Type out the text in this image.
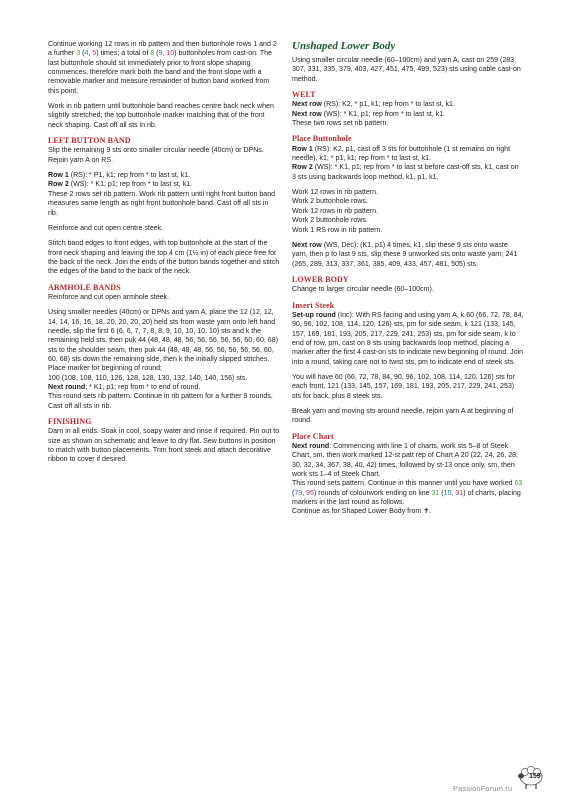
Continue working 12 rows in rib pattern and then buttonhole rows 1 and 2 a further 3 (4, 5) times; a total of 8 (9, 10) buttonholes from cast-on. The last buttonhole should sit immediately prior to front slope shaping commences, therefore mark both the band and the front slope with a removable marker and measure remainder of button band worked from this point.

Work in rib pattern until buttonhole band reaches centre back neck when slightly stretched; the top buttonhole marker matching that of the front neck shaping. Cast off all sts in rib.

LEFT BUTTON BAND

Slip the remaining 9 sts onto smaller circular needle (40cm) or DPNs. Rejoin yarn A on RS.

Row 1 (RS): * P1, k1; rep from * to last st, k1.
Row 2 (WS): * K1, p1; rep from * to last st, k1.
These 2 rows set rib pattern. Work rib pattern until right front button band measures same length as right front buttonhole band. Cast off all sts in rib.

Reinforce and cut open centre steek.

Stitch band edges to front edges, with top buttonhole at the start of the front neck shaping and leaving the top 4 cm (1½ in) of each piece free for the back of the neck. Join the ends of the button bands together and stitch the edges of the band to the back of the neck.

ARMHOLE BANDS

Reinforce and cut open armhole steek.

Using smaller needles (40cm) or DPNs and yarn A, place the 12 (12, 12, 14, 14, 16, 16, 18, 20, 20, 20, 20) held sts from waste yarn onto left hand needle, slip the first 6 (6, 6, 7, 7, 8, 8, 9, 10, 10, 10, 10) sts and k the remaining held sts, then puk 44 (48, 48, 48, 56, 56, 56, 56, 56, 60, 60, 68) sts to the shoulder seam, then puk 44 (48, 48, 48, 56, 56, 56, 56, 56, 60, 60, 68) sts down the remaining side, then k the initially slipped stitches. Place marker for beginning of round;
100 (108, 108, 110, 126, 128, 128, 130, 132, 140, 140, 156) sts.
Next round: * K1, p1; rep from * to end of round.
This round sets rib pattern. Continue in rib pattern for a further 9 rounds. Cast off all sts in rib.

FINISHING

Darn in all ends. Soak in cool, soapy water and rinse if required. Pin out to size as shown on schematic and leave to dry flat. Sew buttons in position to match with button placements. Trim front steek and attach decorative ribbon to cover if desired.

Unshaped Lower Body

Using smaller circular needle (60–100cm) and yarn A, cast on 259 (283, 307, 331, 335, 379, 403, 427, 451, 475, 499, 523) sts using cable cast-on method.

WELT

Next row (RS): K2, * p1, k1; rep from * to last st, k1.
Next row (WS): * K1, p1; rep from * to last st, k1.
These two rows set rib pattern.

Place Buttonhole

Row 1 (RS): K2, p1, cast off 3 sts for buttonhole (1 st remains on right needle), k1, * p1, k1; rep from * to last st, k1.
Row 2 (WS): * K1, p1; rep from * to last st before cast-off sts, k1, cast on 3 sts using backwards loop method, k1, p1, k1.

Work 12 rows in rib pattern.
Work 2 buttonhole rows.
Work 12 rows in rib pattern.
Work 2 buttonhole rows.
Work 1 RS row in rib pattern.

Next row (WS, Dec): (K1, p1) 4 times, k1, slip these 9 sts onto waste yarn, then p to last 9 sts, slip these 9 unworked sts onto waste yarn; 241 (265, 289, 313, 337, 361, 385, 409, 433, 457, 481, 505) sts.

LOWER BODY

Change to larger circular needle (60–100cm).

Insert Steek

Set-up round (Inc): With RS facing and using yarn A, k 60 (66, 72, 78, 84, 90, 96, 102, 108, 114, 120, 126) sts, pm for side seam, k 121 (133, 145, 157, 169, 181, 193, 205, 217, 229, 241, 253) sts, pm for side seam, k to end of row, pm, cast on 8 sts using backwards loop method, placing a marker after the first 4 cast-on sts to indicate new beginning of round. Join into a round, taking care not to twist sts, pm to indicate end of steek sts.

You will have 60 (66, 72, 78, 84, 90, 96, 102, 108, 114, 120, 126) sts for each front, 121 (133, 145, 157, 169, 181, 193, 205, 217, 229, 241, 253) sts for back, plus 8 steek sts.

Break yarn and moving sts around needle, rejoin yarn A at beginning of round.

Place Chart

Next round: Commencing with line 1 of charts, work sts 5–8 of Steek Chart, sm, then work marked 12-st patt rep of Chart A 20 (22, 24, 26, 28, 30, 32, 34, 367, 38, 40, 42) times, followed by st-13 once only, sm, then work sts 1–4 of Steek Chart.
This round sets pattern. Continue in this manner until you have worked 63 (79, 95) rounds of colourwork ending on line 31 (15, 31) of charts, placing markers in the last round as follows.
Continue as for Shaped Lower Body from ✝.

159
PassionForum.ru
